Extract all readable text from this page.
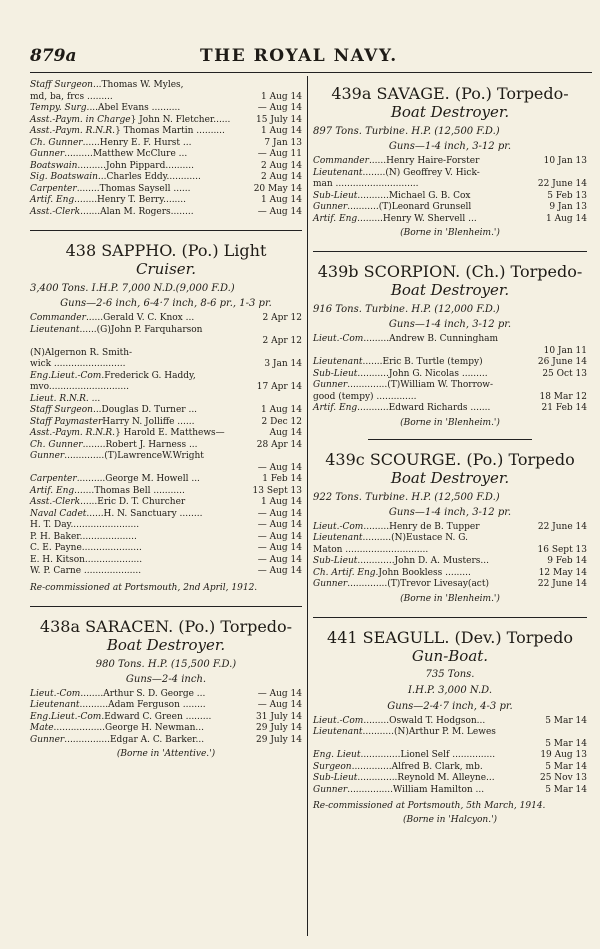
879a	THE ROYAL NAVY.
Staff Surgeon ...Thomas W. Myles,
md, ba, frcs .........	1 Aug 14
Tempy. Surg. ...Abel Evans ..........	— Aug 14
Asst.-Paym. in Charge } John N. Fletcher......	15 July 14
Asst.-Paym. R.N.R. } Thomas Martin ..........	1 Aug 14
Ch. Gunner ......Henry E. F. Hurst ...	7 Jan 13
Gunner ..........Matthew McClure ...	— Aug 11
Boatswain ..........John Pippard..........	2 Aug 14
Sig. Boatswain ...Charles Eddy............	2 Aug 14
Carpenter ........Thomas Saysell ......	20 May 14
Artif. Eng. .......Henry T. Berry........	1 Aug 14
Asst.-Clerk .......Alan M. Rogers........	— Aug 14
438 SAPPHO. (Po.) Light
Cruiser.
3,400 Tons. I.H.P. 7,000 N.D.(9,000 F.D.)
Guns—2-6 inch, 6-4·7 inch, 8-6 pr., 1-3 pr.
Commander ......Gerald V. C. Knox ...	2 Apr 12
Lieutenant ......(G)John P. Farquharson
2 Apr 12
(N)Algernon R. Smith-
wick .........................	3 Jan 14
Eng.Lieut.-Com. Frederick G. Haddy,
mvo............................	17 Apr 14
Lieut. R.N.R. ...
Staff Surgeon ...Douglas D. Turner ...	1 Aug 14
Staff Paymaster Harry N. Jolliffe ......	2 Dec 12
Asst.-Paym. R.N.R. } Harold E. Matthews—	Aug 14
Ch. Gunner ........Robert J. Harness ...	28 Apr 14
Gunner ..............(T)LawrenceW.Wright
— Aug 14
Carpenter ..........George M. Howell ...	1 Feb 14
Artif. Eng. ......Thomas Bell ...........	13 Sept 13
Asst.-Clerk ......Eric D. T. Churcher	1 Aug 14
Naval Cadet ......H. N. Sanctuary ........	— Aug 14
H. T. Day........................	— Aug 14
P. H. Baker....................	— Aug 14
C. E. Payne.....................	— Aug 14
E. H. Kitson....................	— Aug 14
W. P. Carne ....................	— Aug 14
Re-commissioned at Portsmouth, 2nd April, 1912.
438a SARACEN. (Po.) Torpedo-
Boat Destroyer.
980 Tons. H.P. (15,500 F.D.)
Guns—2-4 inch.
Lieut.-Com. .......Arthur S. D. George ...	— Aug 14
Lieutenant ..........Adam Ferguson ........	— Aug 14
Eng.Lieut.-Com. Edward C. Green .........	31 July 14
Mate ..................George H. Newman...	29 July 14
Gunner ................Edgar A. C. Barker...	29 July 14
(Borne in 'Attentive.')
439a SAVAGE. (Po.) Torpedo-
Boat Destroyer.
897 Tons. Turbine. H.P. (12,500 F.D.)
Guns—1-4 inch, 3-12 pr.
Commander ......Henry Haire-Forster	10 Jan 13
Lieutenant ........(N) Geoffrey V. Hick-
man .............................	22 June 14
Sub-Lieut. ..........Michael G. B. Cox	5 Feb 13
Gunner ...........(T)Leonard Grunsell	9 Jan 13
Artif. Eng. ........Henry W. Shervell ...	1 Aug 14
(Borne in 'Blenheim.')
439b SCORPION. (Ch.) Torpedo-
Boat Destroyer.
916 Tons. Turbine. H.P. (12,000 F.D.)
Guns—1-4 inch, 3-12 pr.
Lieut.-Com. ........Andrew B. Cunningham
10 Jan 11
Lieutenant .......Eric B. Turtle (tempy)	26 June 14
Sub-Lieut. ..........John G. Nicolas .........	25 Oct 13
Gunner ..............(T)William W. Thorrow-
good (tempy) ..............	18 Mar 12
Artif. Eng. ..........Edward Richards .......	21 Feb 14
(Borne in 'Blenheim.')
439c SCOURGE. (Po.) Torpedo
Boat Destroyer.
922 Tons. Turbine. H.P. (12,500 F.D.)
Guns—1-4 inch, 3-12 pr.
Lieut.-Com. ........Henry de B. Tupper	22 June 14
Lieutenant ..........(N)Eustace N. G.
Maton .............................	16 Sept 13
Sub-Lieut .............John D. A. Musters...	9 Feb 14
Ch. Artif. Eng. John Bookless .........	12 May 14
Gunner ..............(T)Trevor Livesay(act)	22 June 14
(Borne in 'Blenheim.')
441 SEAGULL. (Dev.) Torpedo
Gun-Boat.
735 Tons.
I.H.P. 3,000 N.D.
Guns—2-4·7 inch, 4-3 pr.
Lieut.-Com. ........Oswald T. Hodgson...	5 Mar 14
Lieutenant ...........(N)Arthur P. M. Lewes
5 Mar 14
Eng. Lieut ..............Lionel Self ...............	19 Aug 13
Surgeon ..............Alfred B. Clark, mb.	5 Mar 14
Sub-Lieut ..............Reynold M. Alleyne...	25 Nov 13
Gunner ................William Hamilton ...	5 Mar 14
Re-commissioned at Portsmouth, 5th March, 1914.
(Borne in 'Halcyon.')
